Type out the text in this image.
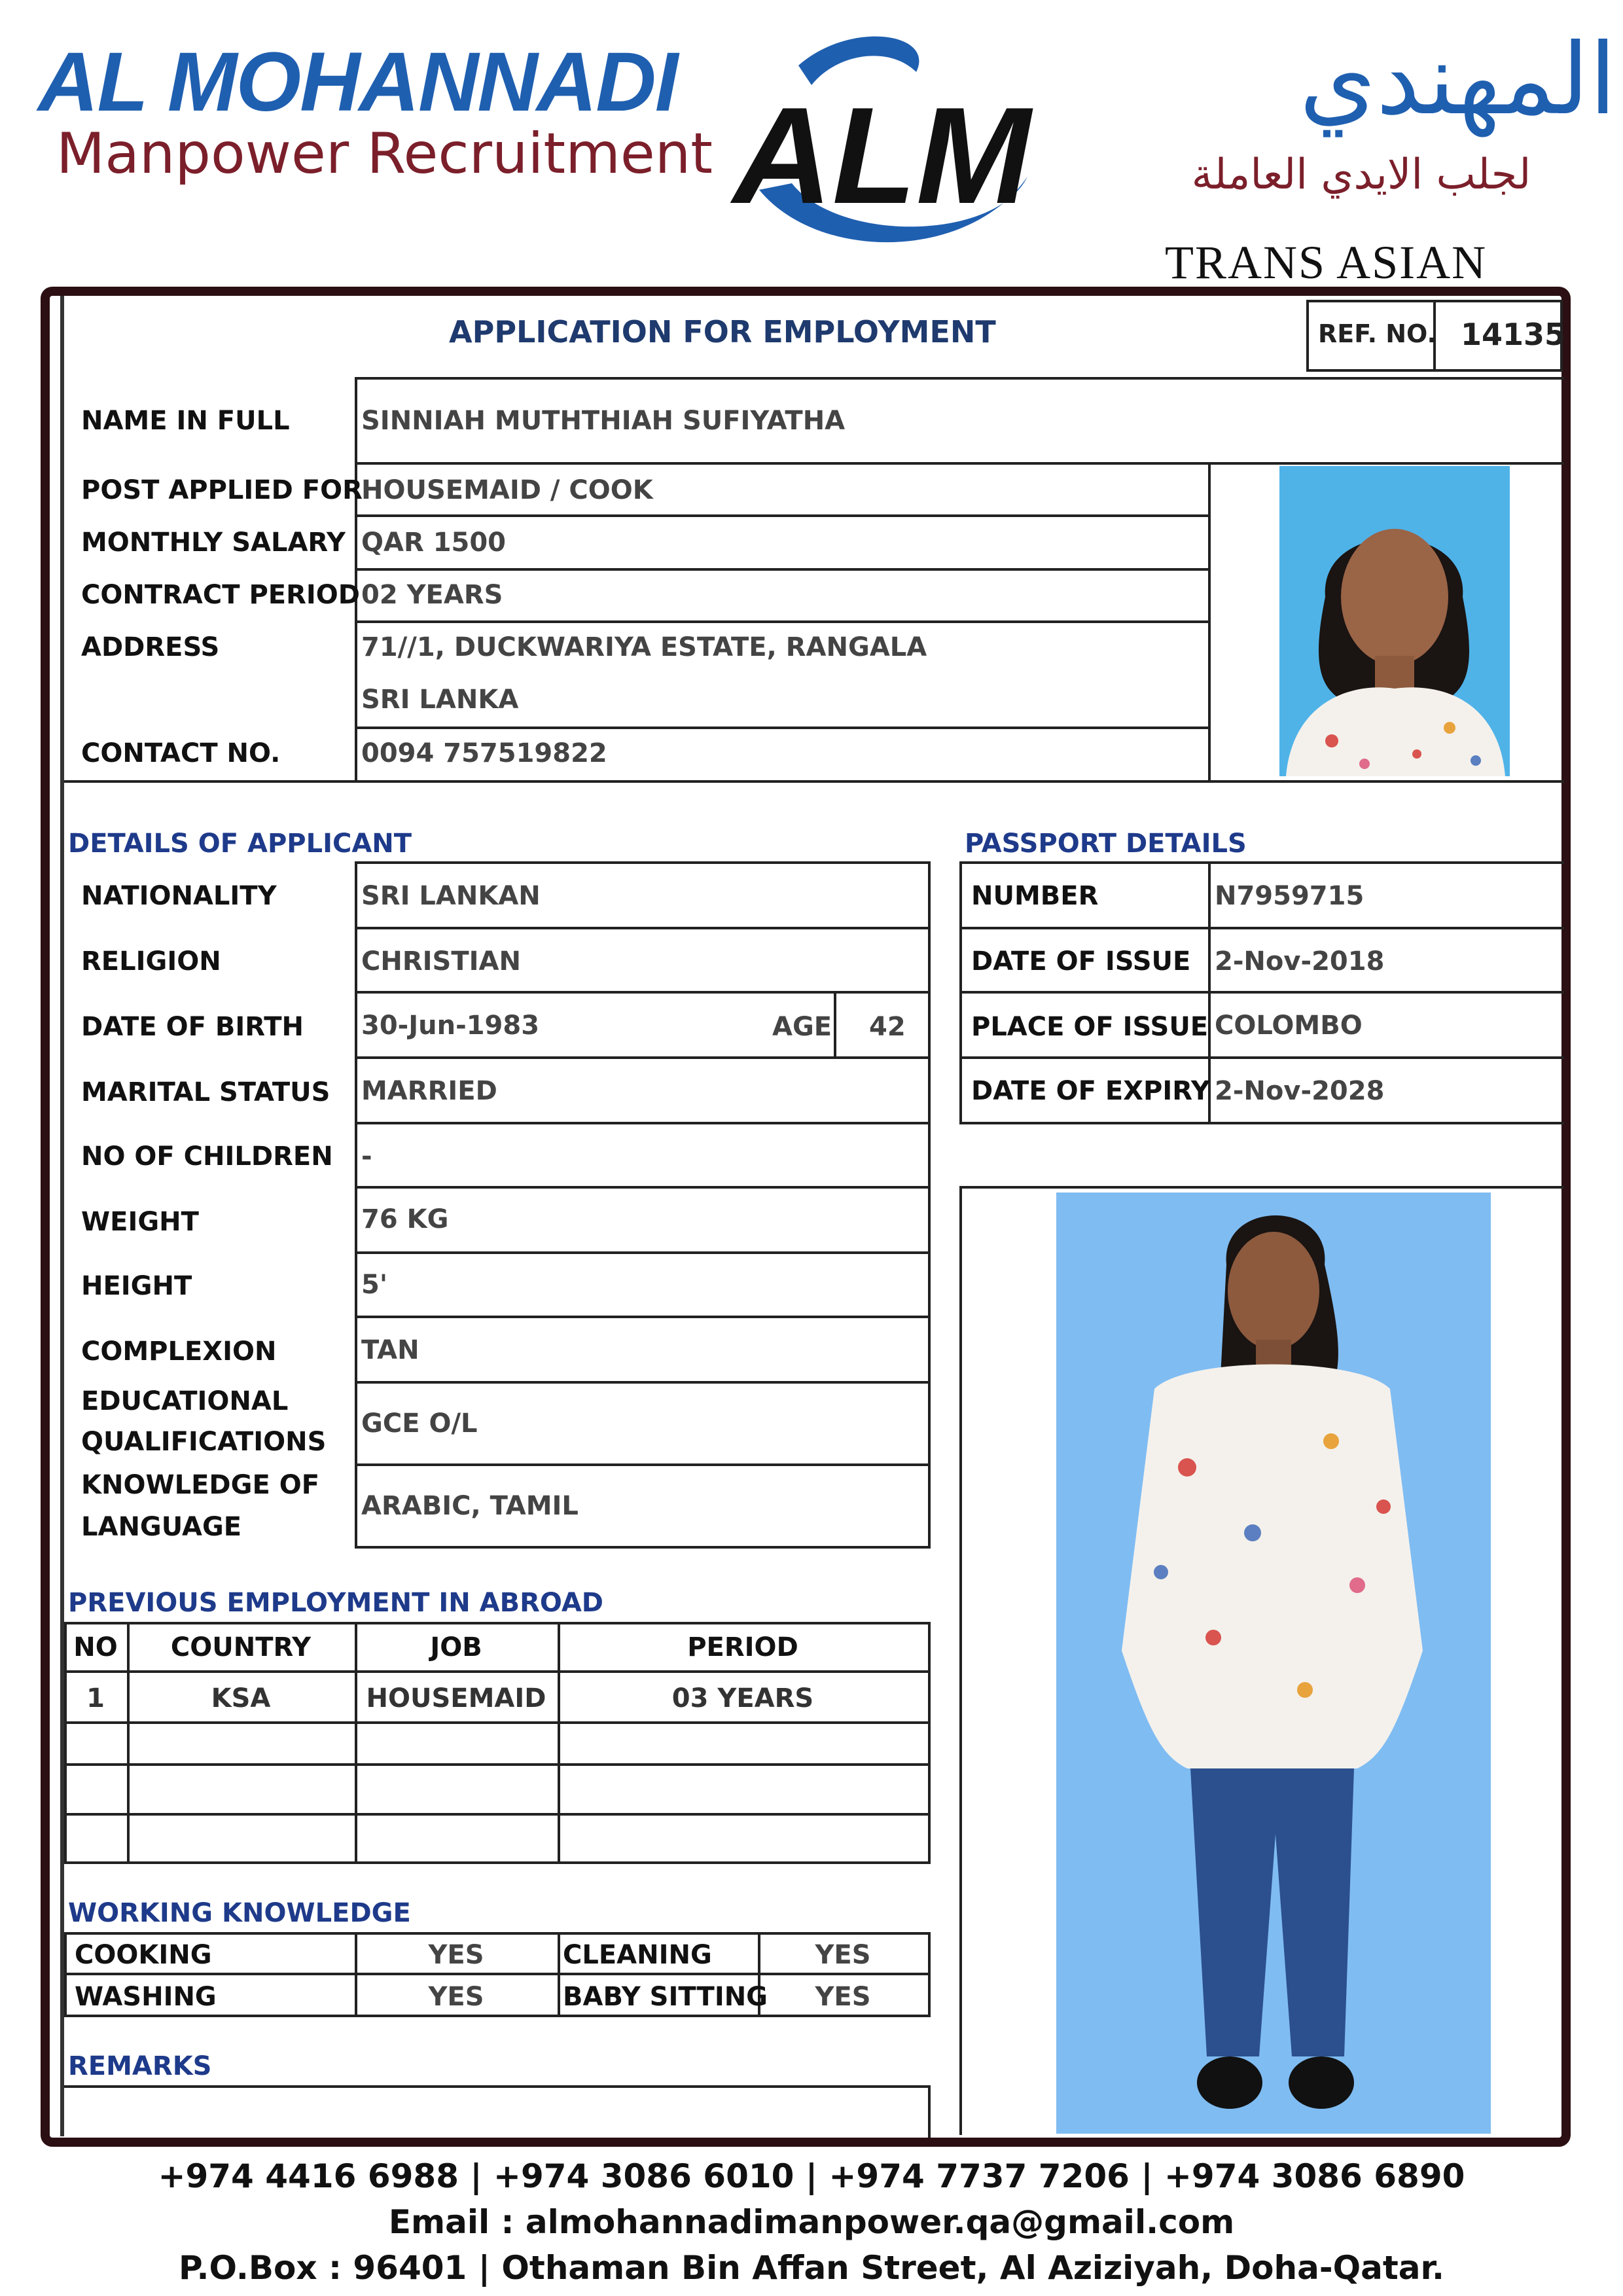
AL MOHANNADI
Manpower Recruitment ALM	المهندي
لجلب الايدي العاملة
TRANS ASIAN
APPLICATION FOR EMPLOYMENT	REF. NO. 14135
NAME IN FULL	SINNIAH MUTHTHIAH SUFIYATHA
POST APPLIED FOR
HOUSEMAID / COOK
MONTHLY SALARY QAR 1500
CONTRACT PERIOD 02 YEARS
ADDRESS	71//1, DUCKWARIYA ESTATE, RANGALA
SRI LANKA
CONTACT NO.	0094 757519822
DETAILS OF APPLICANT	PASSPORT DETAILS
NATIONALITY	SRI LANKAN
RELIGION	CHRISTIAN
DATE OF BIRTH 30-Jun-1983	AGE 42
MARITAL STATUS MARRIED
NO OF CHILDREN -
WEIGHT	76 KG
HEIGHT	5'
COMPLEXION	TAN
EDUCATIONAL
QUALIFICATIONS
GCE O/L
KNOWLEDGE OF
LANGUAGE
ARABIC, TAMIL
NUMBER	N7959715
DATE OF ISSUE 2-Nov-2018
PLACE OF ISSUE COLOMBO
DATE OF EXPIRY 2-Nov-2028
PREVIOUS EMPLOYMENT IN ABROAD
NO	COUNTRY	JOB	PERIOD
1	KSA	HOUSEMAID	03 YEARS
WORKING KNOWLEDGE
COOKING	YES	CLEANING	YES
WASHING	YES	BABY SITTING	YES
REMARKS
+974 4416 6988 | +974 3086 6010 | +974 7737 7206 | +974 3086 6890
Email : almohannadimanpower.qa@gmail.com
P.O.Box : 96401 | Othaman Bin Affan Street, Al Aziziyah, Doha-Qatar.
